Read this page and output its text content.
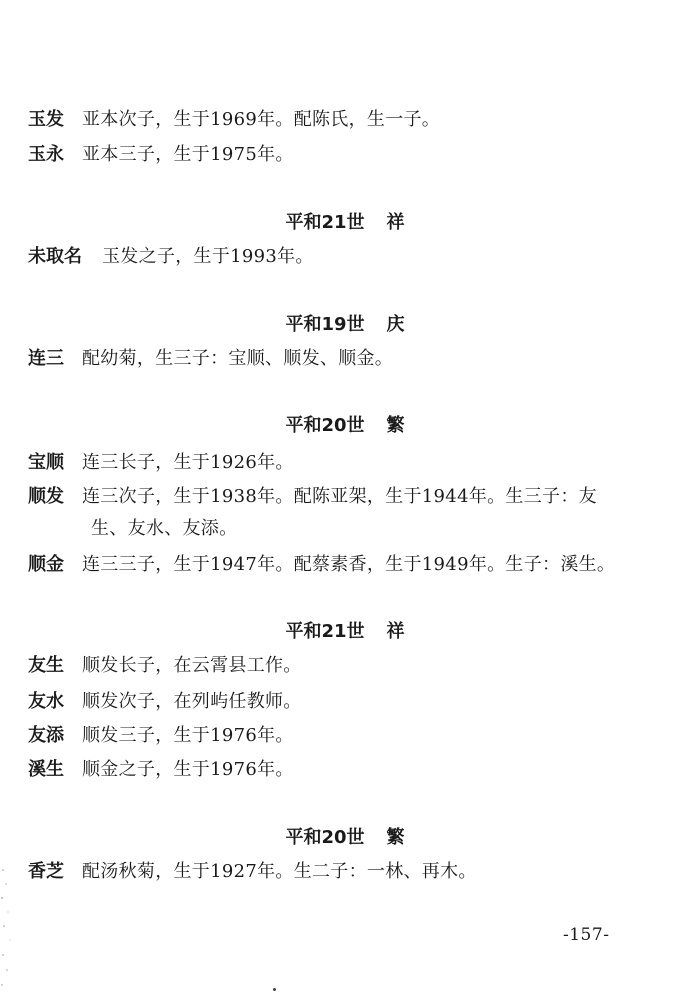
玉发 亚本次子，生于1969年。配陈氏，生一子。
玉永 亚本三子，生于1975年。
平和21世 祥
未取名 玉发之子，生于1993年。
平和19世 庆
连三 配幼菊，生三子：宝顺、顺发、顺金。
平和20世 繁
宝顺 连三长子，生于1926年。
顺发 连三次子，生于1938年。配陈亚架，生于1944年。生三子：友
生、友水、友添。
顺金 连三三子，生于1947年。配蔡素香，生于1949年。生子：溪生。
平和21世 祥
友生 顺发长子，在云霄县工作。
友水 顺发次子，在列屿任教师。
友添 顺发三子，生于1976年。
溪生 顺金之子，生于1976年。
平和20世 繁
香芝 配汤秋菊，生于1927年。生二子：一林、再木。
-157-
